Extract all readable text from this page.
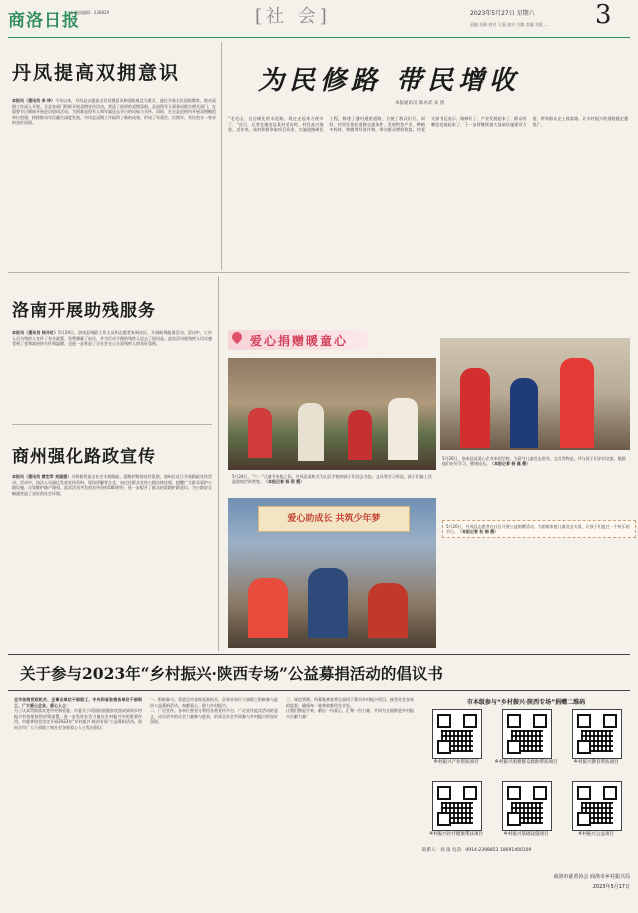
商洛日报
专刊部编辑 · 238829	[社 会]	2023年5月27日 星期六
责编 张静 校对 王磊 校对 方勤 美编 刘俊 ... 3
丹凤提高双拥意识
本报讯（通讯员 李 坤）今年以来，丹凤县以提高全民双拥意识和国防观念为重点，通过开展全民国防教育，推动双拥工作深入开展。全县各部门积极开展双拥宣传活动，营造了浓厚的双拥氛围。县退役军人事务局联合相关部门，在重要节日期间开展走访慰问活动，为困难退役军人和军属送去节日的问候与关怀。同时，在全县范围内开展双拥模范单位创建，持续推动军民融合深度发展，丹凤县双拥工作取得了新的成效，形成了军爱民、民拥军、军民鱼水一家亲的良好局面。
为民修路 带民增收
本报通讯员 陈卓武 朱 唐
“毛毛山，这边硬化的水泥路，现在走起来方便多了，”近日，记者在镇安县某村采访时，村民高兴地说。近年来，该村积极争取项目资金，实施道路硬化工程，修建了通村通组道路，方便了群众出行。同时，村里还依托道路交通条件，发展特色产业，种植中药材、核桃等经济作物，带动群众增收致富。村党支部书记表示，路修好了，产业发展起来了，群众的腰包也鼓起来了，下一步将继续加大基础设施建设力度，带领群众走上致富路，让乡村振兴的道路越走越宽广。
洛南开展助残服务
本报讯（通讯员 杨开红）5月24日，洛南县残联工作人员和志愿者来到社区，开展助残服务活动。活动中，工作人员为残疾人宣传了有关政策，免费测量了血压，并为行动不便的残疾人送去了慰问品。此次活动使残疾人切实感受到了党和政府的关怀和温暖，也进一步营造了全社会关心关爱残疾人的良好氛围。
商州强化路政宣传
本报讯（通讯员 黄宏军 刘国强）为积极营造全社会支持路政、爱路护路的良好氛围，商州区近日开展路政宣传活动。活动中，执法人员通过发放宣传资料、现场讲解等方式，向过往群众宣传公路法律法规，提醒广大群众爱护公路设施，自觉维护路产路权。此次活动共发放宣传资料500余份，进一步提升了群众的爱路护路意识，为公路安全畅通营造了良好的社会环境。
爱心捐赠暖童心
5月24日，“六一”儿童节来临之际，丹凤县某机关为山区学校的孩子们送去书包、文具等学习用品，孩子们脸上洋溢着灿烂的笑容。（本报记者 杨 莉 摄）
5月26日，洛南县某爱心企业来到学校，为留守儿童送去图书、文具等物品，并与孩子们亲切交流，勉励他们好好学习，健康成长。（本报记者 杨 磊 摄）
爱心助成长 共筑少年梦
5月20日，丹凤县志愿者在社区开展公益捐赠活动，为困难家庭儿童送去关爱，让孩子们度过一个快乐的节日。（本报记者 杜 娟 摄）
关于参与2023年“乡村振兴·陕西专场”公益募捐活动的倡议书
全市各级党政机关、企事业单位干部职工、中央和省驻商各单位干部职工、广大爱心企业、爱心人士：

为了认真贯彻落实党中央和省委、市委关于巩固拓展脱贫攻坚成果同乡村振兴有效衔接的决策部署，进一步发挥社会力量在乡村振兴中的重要作用，市慈善协会决定开展2023年“乡村振兴·陕西专场”公益募捐活动。现向全市广大干部职工和社会各界爱心人士发出倡议：

一、积极参与。希望全市各级党政机关、企事业单位干部职工积极参与此次公益募捐活动，奉献爱心，助力乡村振兴。

二、广泛宣传。各单位要充分利用各类宣传平台，广泛宣传此次活动的意义，动员更多的社会力量参与进来，形成全社会共同参与乡村振兴的良好氛围。

三、规范管理。所募集善款将全部用于我市乡村振兴项目，接受社会各界的监督，确保每一笔善款都用在实处。

让我们携起手来，献出一份爱心，汇聚一份力量，共同为全面推进乡村振兴贡献力量！

市本级参与“乡村振兴·陕西专场”捐赠二维码
乡村振兴产业帮扶项目	乡村振兴困难群众救助帮扶项目	乡村振兴教育帮扶项目
乡村振兴医疗健康帮扶项目	乡村振兴基础设施项目	乡村振兴公益项目
联系人：刘 雨 电话：0914-2398853 18691400109
商洛市慈善协会 商洛市乡村振兴局
2023年5月17日
